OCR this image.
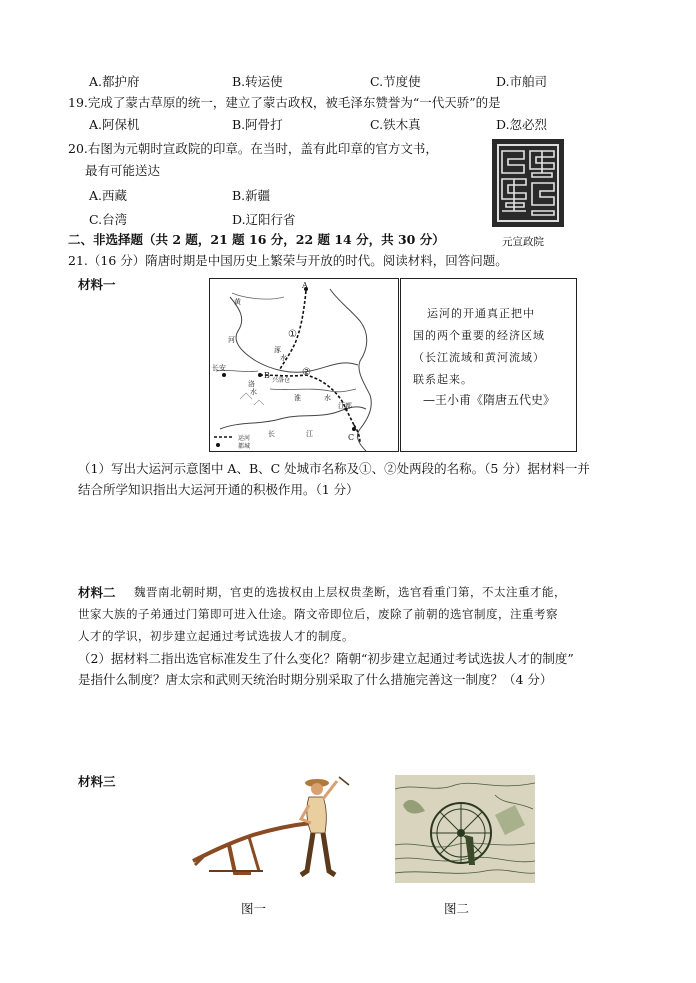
A.都护府	B.转运使	C.节度使	D.市舶司
19.完成了蒙古草原的统一，建立了蒙古政权，被毛泽东赞誉为“一代天骄”的是
A.阿保机	B.阿骨打	C.铁木真	D.忽必烈
20.右图为元朝时宣政院的印章。在当时，盖有此印章的官方文书，
最有可能送达
A.西藏	B.新疆
C.台湾	D.辽阳行省
元宣政院
二、非选择题（共 2 题，21 题 16 分，22 题 14 分，共 30 分）
21.（16 分）隋唐时期是中国历史上繁荣与开放的时代。阅读材料，回答问题。
材料一	A
B
C
①
②
黄
河
长安
洛
水
涿
水
淮	水
江都
长	江
兴洛仓
运河
都城
运河的开通真正把中
国的两个重要的经济区域
（长江流域和黄河流域）
联系起来。
—王小甫《隋唐五代史》
（1）写出大运河示意图中 A、B、C 处城市名称及①、②处两段的名称。（5 分）据材料一并
结合所学知识指出大运河开通的积极作用。（1 分）
材料二 魏晋南北朝时期，官吏的选拔权由上层权贵垄断，选官看重门第，不太注重才能，
世家大族的子弟通过门第即可进入仕途。隋文帝即位后，废除了前朝的选官制度，注重考察
人才的学识，初步建立起通过考试选拔人才的制度。
（2）据材料二指出选官标准发生了什么变化？隋朝“初步建立起通过考试选拔人才的制度”
是指什么制度？唐太宗和武则天统治时期分别采取了什么措施完善这一制度？（4 分）
材料三
图一	图二
